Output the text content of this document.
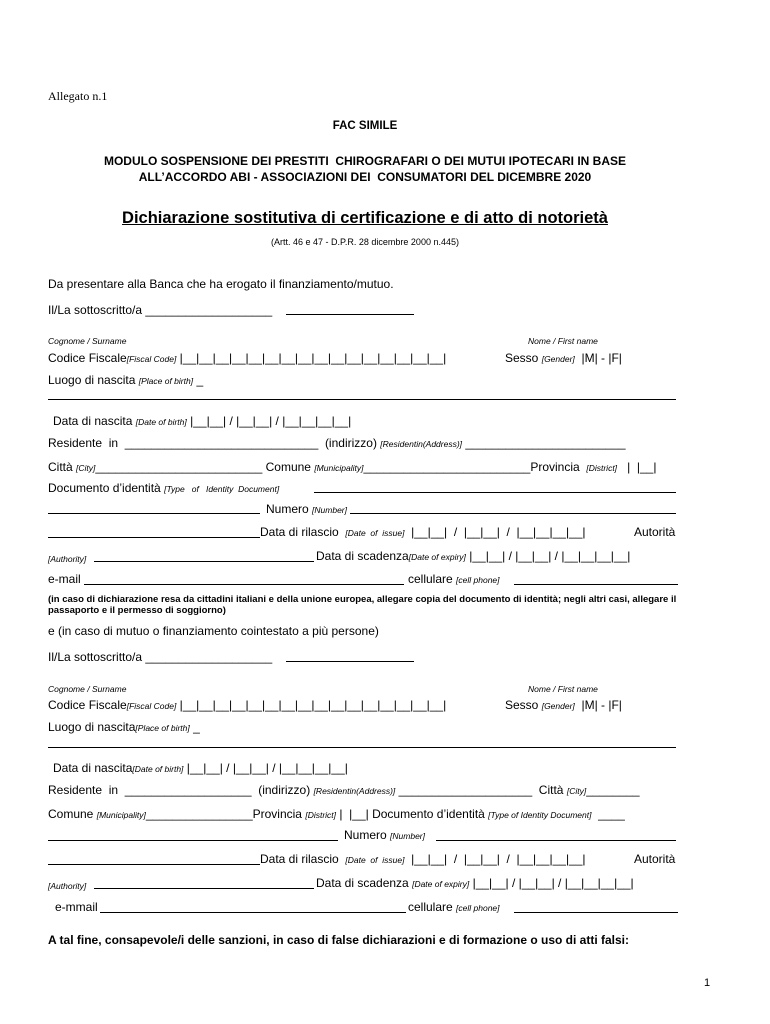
Allegato n.1
FAC SIMILE
MODULO SOSPENSIONE DEI PRESTITI  CHIROGRAFARI O DEI MUTUI IPOTECARI IN BASE
ALL’ACCORDO ABI - ASSOCIAZIONI DEI  CONSUMATORI DEL DICEMBRE 2020
Dichiarazione sostitutiva di certificazione e di atto di notorietà
(Artt. 46 e 47 - D.P.R. 28 dicembre 2000 n.445)
Da presentare alla Banca che ha erogato il finanziamento/mutuo.
Il/La sottoscritto/a ___________________
Cognome / Surname	Nome / First name
Codice Fiscale[Fiscal Code] |__|__|__|__|__|__|__|__|__|__|__|__|__|__|__|__|	Sesso [Gender] |M| - |F|
Luogo di nascita [Place of birth] _
Data di nascita [Date of birth] |__|__| / |__|__| / |__|__|__|__|
Residente  in _____________________________ (indirizzo) [Residentin(Address)] ________________________
Città [City]_________________________ Comune [Municipality]_________________________Provincia [District] |  |__|
Documento d’identità [Type   of   Identity  Document]
Numero [Number]
Data di rilascio [Date  of  issue] |__|__|  /  |__|__|  /  |__|__|__|__|	Autorità
[Authority]	Data di scadenza[Date of expiry] |__|__| / |__|__| / |__|__|__|__|
e-mail	cellulare [cell phone]
(in caso di dichiarazione resa da cittadini italiani e della unione europea, allegare copia del documento di identità; negli altri casi, allegare il passaporto e il permesso di soggiorno)
e (in caso di mutuo o finanziamento cointestato a più persone)
Il/La sottoscritto/a ___________________
Cognome / Surname	Nome / First name
Codice Fiscale[Fiscal Code] |__|__|__|__|__|__|__|__|__|__|__|__|__|__|__|__|	Sesso [Gender] |M| - |F|
Luogo di nascita[Place of birth] _
Data di nascita[Date of birth] |__|__| / |__|__| / |__|__|__|__|
Residente  in ___________________ (indirizzo) [Residentin(Address)] ____________________ Città [City]________
Comune [Municipality]________________Provincia [District] |  |__| Documento d’identità [Type of Identity Document] ____
Numero [Number]
Data di rilascio [Date  of  issue] |__|__|  /  |__|__|  /  |__|__|__|__|	Autorità
[Authority]	Data di scadenza [Date of expiry] |__|__| / |__|__| / |__|__|__|__|
e-mmail	cellulare [cell phone]
A tal fine, consapevole/i delle sanzioni, in caso di false dichiarazioni e di formazione o uso di atti falsi:
1
